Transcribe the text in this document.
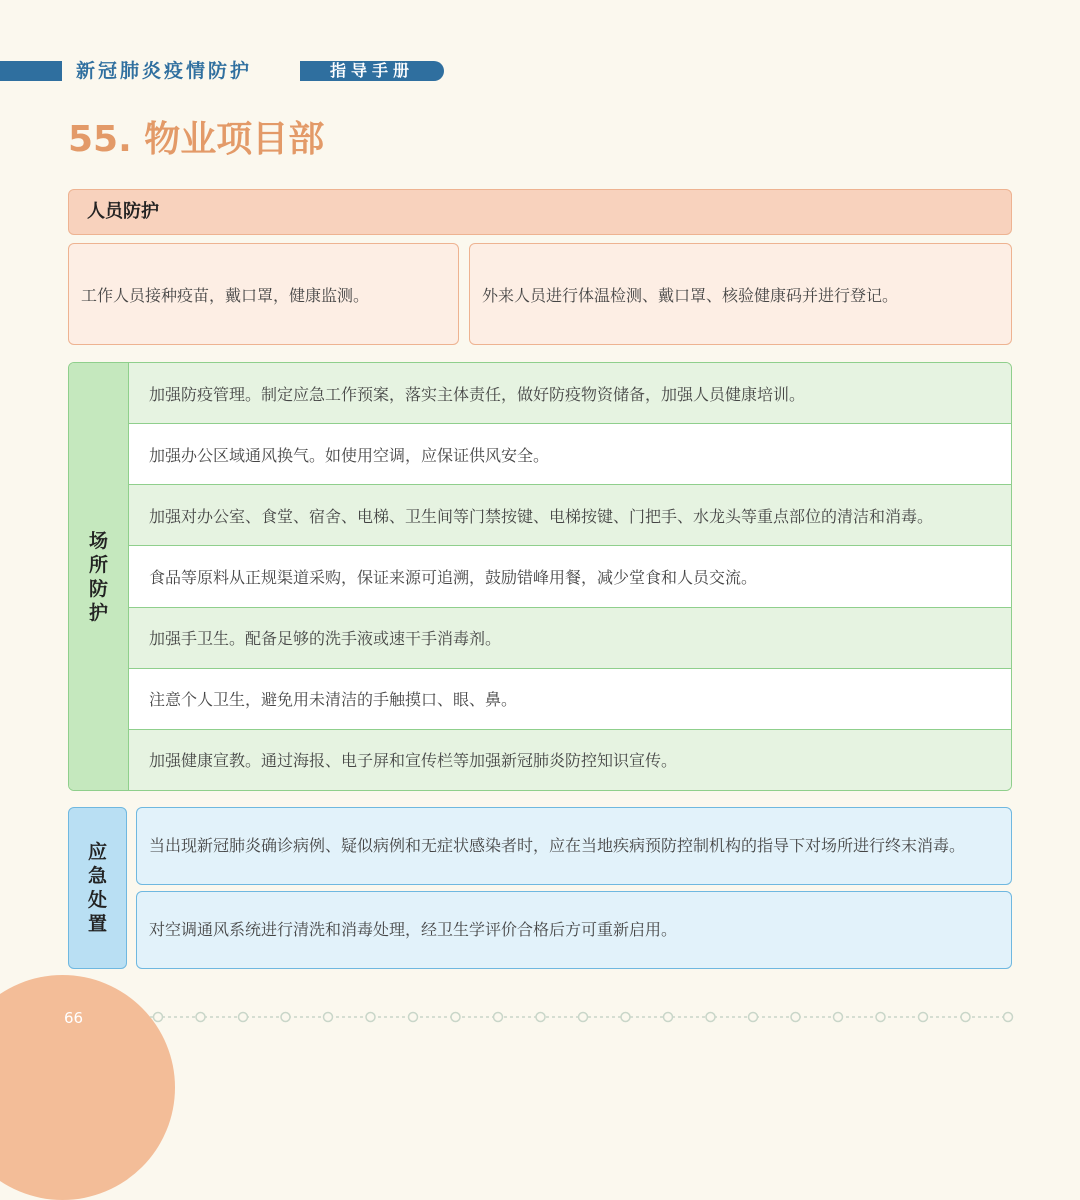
新冠肺炎疫情防护	指导手册
55. 物业项目部
人员防护
工作人员接种疫苗，戴口罩，健康监测。	外来人员进行体温检测、戴口罩、核验健康码并进行登记。
场所防护
加强防疫管理。制定应急工作预案，落实主体责任，做好防疫物资储备，加强人员健康培训。
加强办公区域通风换气。如使用空调，应保证供风安全。
加强对办公室、食堂、宿舍、电梯、卫生间等门禁按键、电梯按键、门把手、水龙头等重点部位的清洁和消毒。
食品等原料从正规渠道采购，保证来源可追溯，鼓励错峰用餐，减少堂食和人员交流。
加强手卫生。配备足够的洗手液或速干手消毒剂。
注意个人卫生，避免用未清洁的手触摸口、眼、鼻。
加强健康宣教。通过海报、电子屏和宣传栏等加强新冠肺炎防控知识宣传。
应急处置
当出现新冠肺炎确诊病例、疑似病例和无症状感染者时，应在当地疾病预防控制机构的指导下对场所进行终末消毒。
对空调通风系统进行清洗和消毒处理，经卫生学评价合格后方可重新启用。
66
